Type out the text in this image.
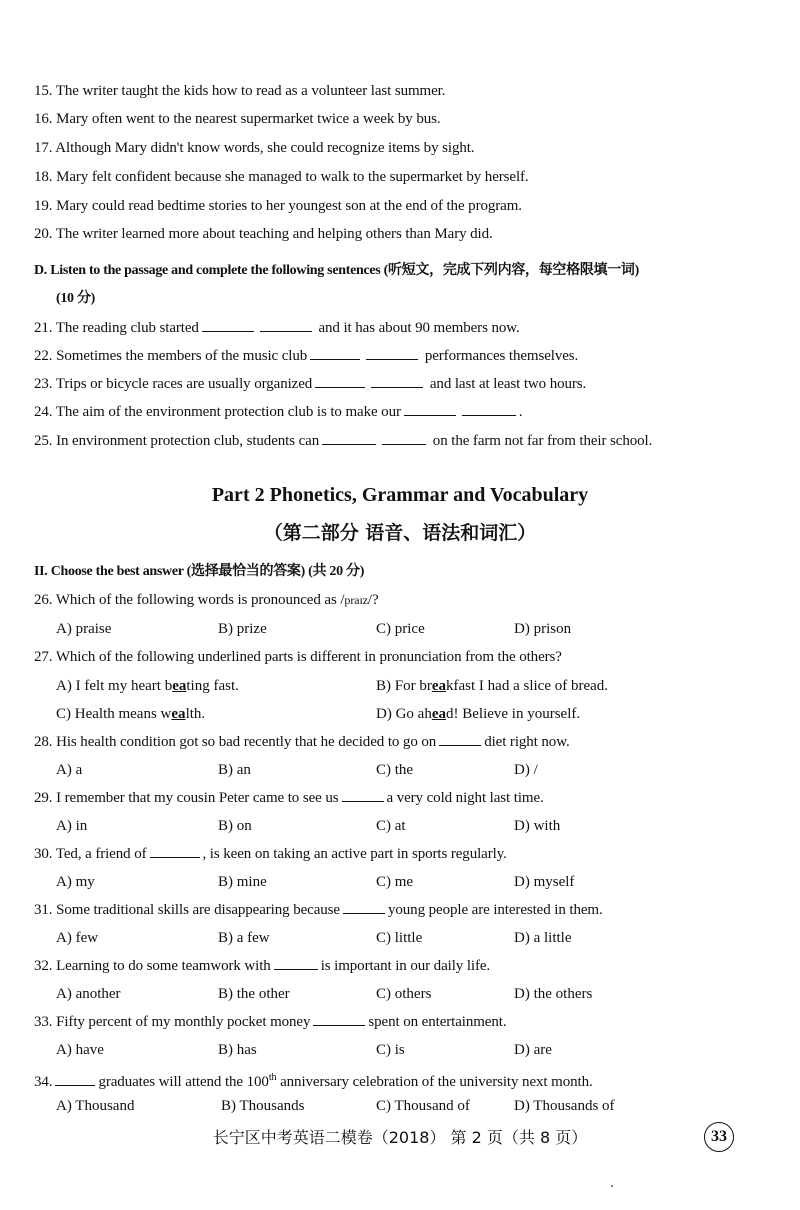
15. The writer taught the kids how to read as a volunteer last summer.
16. Mary often went to the nearest supermarket twice a week by bus.
17. Although Mary didn't know words, she could recognize items by sight.
18. Mary felt confident because she managed to walk to the supermarket by herself.
19. Mary could read bedtime stories to her youngest son at the end of the program.
20. The writer learned more about teaching and helping others than Mary did.
D. Listen to the passage and complete the following sentences (听短文，完成下列内容，每空格限填一词)
(10 分)
21. The reading club started	and it has about 90 members now.
22. Sometimes the members of the music club	performances themselves.
23. Trips or bicycle races are usually organized	and last at least two hours.
24. The aim of the environment protection club is to make our	.
25. In environment protection club, students can	on the farm not far from their school.
Part 2 Phonetics, Grammar and Vocabulary
（第二部分 语音、语法和词汇）
II. Choose the best answer (选择最恰当的答案) (共 20 分)
26. Which of the following words is pronounced as /praɪz/?
A) praise	B) prize	C) price	D) prison
27. Which of the following underlined parts is different in pronunciation from the others?
A) I felt my heart beating fast.	B) For breakfast I had a slice of bread.
C) Health means wealth.	D) Go ahead! Believe in yourself.
28. His health condition got so bad recently that he decided to go on	diet right now.
A) a	B) an	C) the	D) /
29. I remember that my cousin Peter came to see us	a very cold night last time.
A) in	B) on	C) at	D) with
30. Ted, a friend of	, is keen on taking an active part in sports regularly.
A) my	B) mine	C) me	D) myself
31. Some traditional skills are disappearing because	young people are interested in them.
A) few	B) a few	C) little	D) a little
32. Learning to do some teamwork with	is important in our daily life.
A) another	B) the other	C) others	D) the others
33. Fifty percent of my monthly pocket money	spent on entertainment.
A) have	B) has	C) is	D) are
34.	graduates will attend the 100th anniversary celebration of the university next month.
A) Thousand	B) Thousands	C) Thousand of	D) Thousands of
长宁区中考英语二模卷（2018） 第 2 页（共 8 页）	33
